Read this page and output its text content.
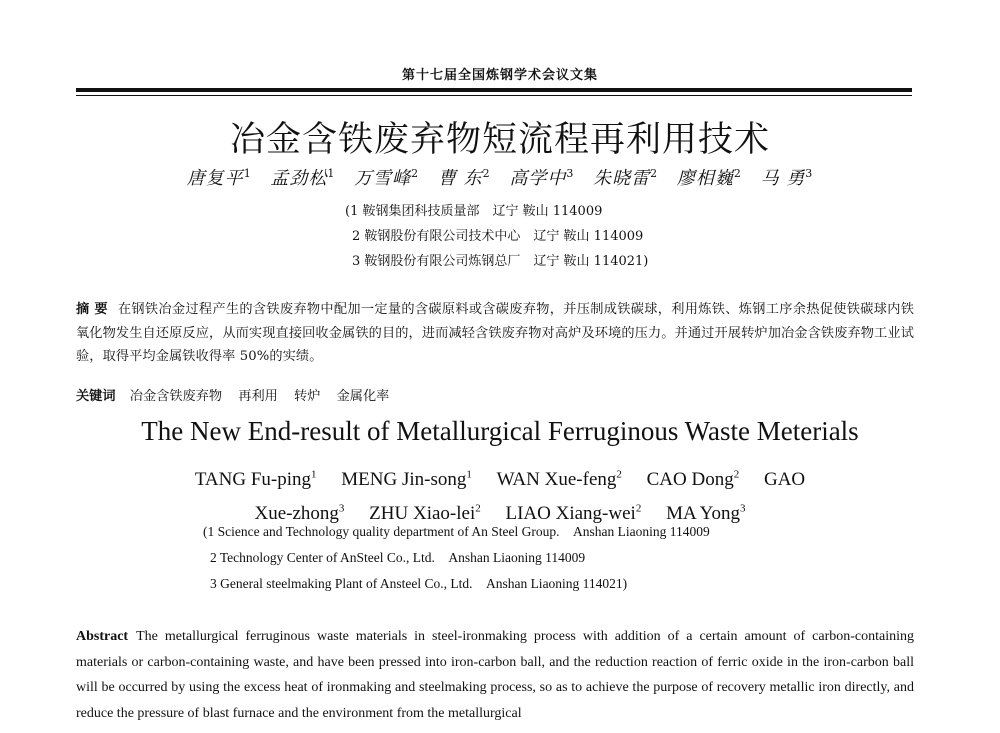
第十七届全国炼钢学术会议文集
冶金含铁废弃物短流程再利用技术
唐复平$^1$ 孟劲松$^1$ 万雪峰$^2$ 曹 东$^2$ 高学中$^3$ 朱晓雷$^2$ 廖相巍$^2$ 马 勇$^3$
(1 鞍钢集团科技质量部　辽宁 鞍山 114009
2 鞍钢股份有限公司技术中心　辽宁 鞍山 114009
3 鞍钢股份有限公司炼钢总厂　辽宁 鞍山 114021)
摘 要 在钢铁冶金过程产生的含铁废弃物中配加一定量的含碳原料或含碳废弃物，并压制成铁碳球，利用炼铁、炼钢工序余热促使铁碳球内铁氧化物发生自还原反应，从而实现直接回收金属铁的目的，进而减轻含铁废弃物对高炉及环境的压力。并通过开展转炉加冶金含铁废弃物工业试验，取得平均金属铁收得率 50%的实绩。
关键词 冶金含铁废弃物 再利用 转炉 金属化率
The New End-result of Metallurgical Ferruginous Waste Meterials
TANG Fu-ping$^1$ MENG Jin-song$^1$ WAN Xue-feng$^2$ CAO Dong$^2$ GAO
Xue-zhong$^3$ ZHU Xiao-lei$^2$ LIAO Xiang-wei$^2$ MA Yong$^3$
(1 Science and Technology quality department of An Steel Group.　Anshan Liaoning 114009
2 Technology Center of AnSteel Co., Ltd.　Anshan Liaoning 114009
3 General steelmaking Plant of Ansteel Co., Ltd.　Anshan Liaoning 114021)
Abstract The metallurgical ferruginous waste materials in steel-ironmaking process with addition of a certain amount of carbon-containing materials or carbon-containing waste, and have been pressed into iron-carbon ball, and the reduction reaction of ferric oxide in the iron-carbon ball will be occurred by using the excess heat of ironmaking and steelmaking process, so as to achieve the purpose of recovery metallic iron directly, and reduce the pressure of blast furnace and the environment from the metallurgical
